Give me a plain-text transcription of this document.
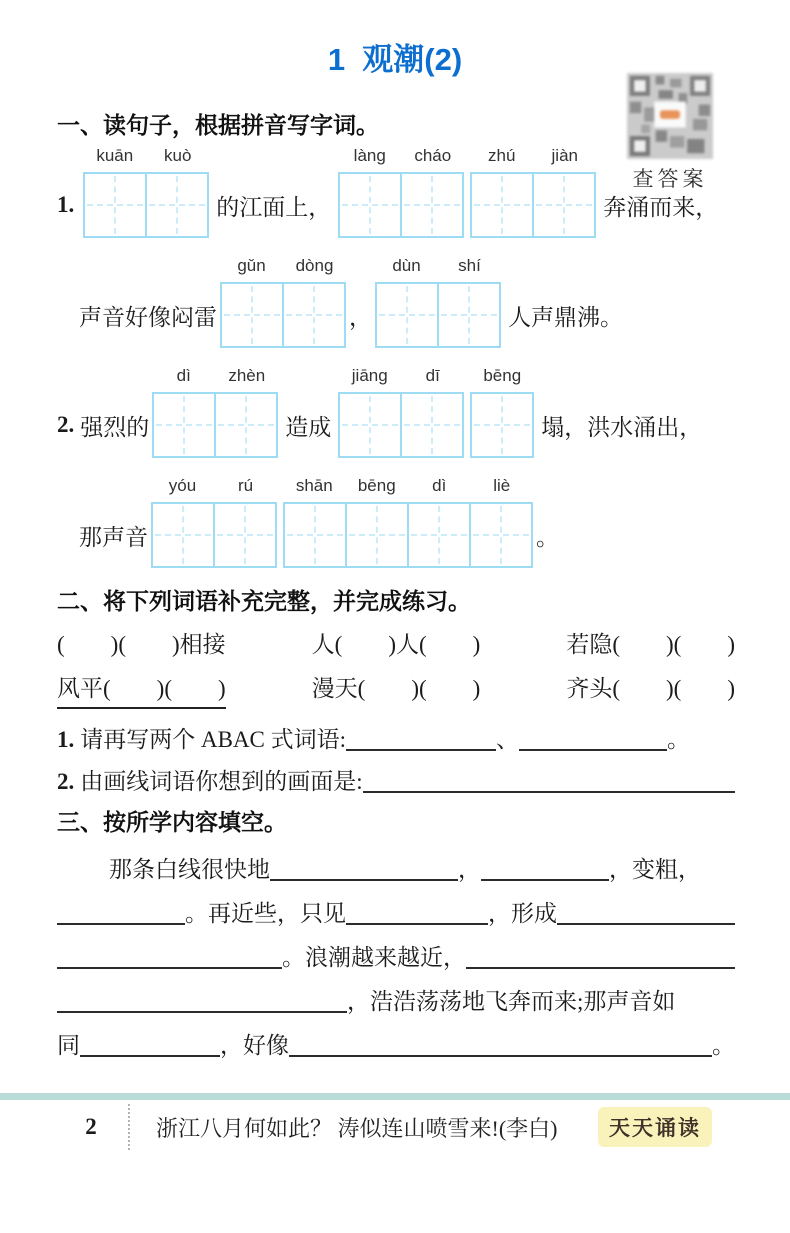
1  观潮(2)
查答案
一、读句子，根据拼音写字词。
1.
kuān	kuò
的江面上，
làng	cháo	zhú	jiàn
奔涌而来，
声音好像闷雷
gǔn	dòng
，
dùn	shí
人声鼎沸。
2. 强烈的
dì	zhèn
造成
jiāng	dī	bēng
塌，洪水涌出，
那声音
yóu	rú	shān	bēng	dì	liè
。
二、将下列词语补充完整，并完成练习。
(　　)(　　)相接	人(　　)人(　　)	若隐(　　)(　　)
风平(　　)(　　)	漫天(　　)(　　)	齐头(　　)(　　)
1. 请再写两个 ABAC 式词语:	、	。
2. 由画线词语你想到的画面是:
三、按所学内容填空。
那条白线很快地	，	，变粗，
。再近些，只见	，形成
。浪潮越来越近，
，浩浩荡荡地飞奔而来;那声音如
同	，好像	。
2	浙江八月何如此？ 涛似连山喷雪来!(李白)	天天诵读
